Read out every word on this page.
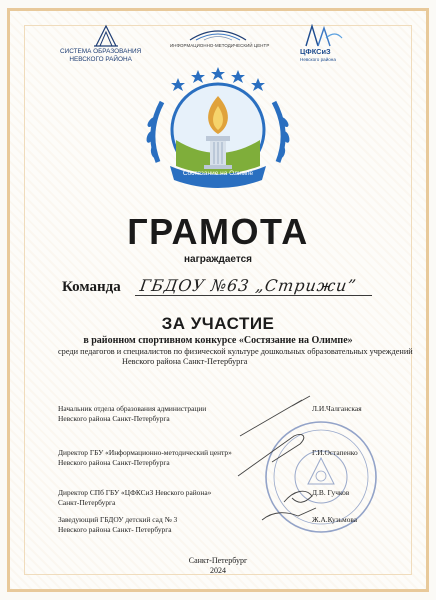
СИСТЕМА ОБРАЗОВАНИЯ
НЕВСКОГО РАЙОНА
ИНФОРМАЦИОННО-МЕТОДИЧЕСКИЙ ЦЕНТР
ЦФКСиЗ
Невского района
Состязание на Олимпе
ГРАМОТА
награждается
Команда ГБДОУ №63 „Стрижи”
ЗА УЧАСТИЕ
в районном спортивном конкурсе «Состязание на Олимпе»
среди педагогов и специалистов по физической культуре дошкольных образовательных учреждений
Невского района Санкт-Петербурга
Начальник отдела образования администрации
Невского района Санкт-Петербурга
Л.И.Чалганская
Директор ГБУ «Информационно-методический центр»
Невского района Санкт-Петербурга
Г.И.Остапенко
Директор СПб ГБУ «ЦФКСиЗ Невского района»
Санкт-Петербурга
Д.В. Гучков
Заведующий ГБДОУ детский сад № 3
Невского района Санкт- Петербурга
Ж.А.Кузьмова
Санкт-Петербург
2024
